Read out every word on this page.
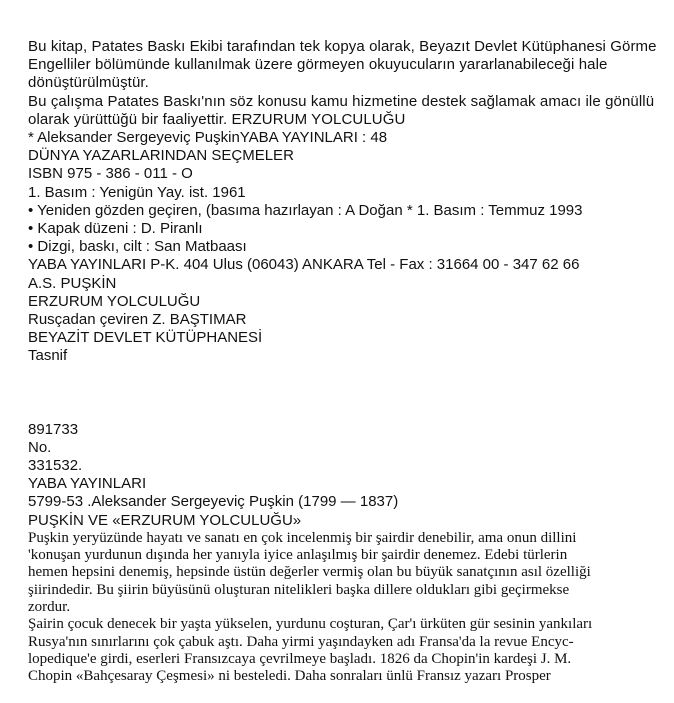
Bu kitap, Patates Baskı Ekibi tarafından tek kopya olarak, Beyazıt Devlet Kütüphanesi Görme
Engelliler bölümünde kullanılmak üzere görmeyen okuyucuların yararlanabileceği hale
dönüştürülmüştür.
Bu çalışma Patates Baskı'nın söz konusu kamu hizmetine destek sağlamak amacı ile gönüllü
olarak yürüttüğü bir faaliyettir. ERZURUM YOLCULUĞU
* Aleksander Sergeyeviç PuşkinYABA YAYINLARI : 48
DÜNYA YAZARLARINDAN SEÇMELER
ISBN 975 - 386 - 011 - O
1. Basım : Yenigün Yay. ist. 1961
• Yeniden gözden geçiren, (basıma hazırlayan : A Doğan * 1. Basım : Temmuz 1993
• Kapak düzeni : D. Piranlı
• Dizgi, baskı, cilt : San Matbaası
YABA YAYINLARI P-K. 404 Ulus (06043) ANKARA Tel - Fax : 31664 00 - 347 62 66
A.S. PUŞKİN
ERZURUM YOLCULUĞU
Rusçadan çeviren Z. BAŞTIMAR
BEYAZİT DEVLET KÜTÜPHANESİ
Tasnif
891733
No.
331532.
YABA YAYINLARI
5799-53 .Aleksander Sergeyeviç Puşkin (1799 — 1837)
PUŞKİN VE «ERZURUM YOLCULUĞU»
Puşkin yeryüzünde hayatı ve sanatı en çok incelenmiş bir şairdir denebilir, ama onun dillini
'konuşan yurdunun dışında her yanıyla iyice anlaşılmış bir şairdir denemez. Edebi türlerin
hemen hepsini denemiş, hepsinde üstün değerler vermiş olan bu büyük sanatçının asıl özelliği
şiirindedir. Bu şiirin büyüsünü oluşturan nitelikleri başka dillere oldukları gibi geçirmekse
zordur.
Şairin çocuk denecek bir yaşta yükselen, yurdunu coşturan, Çar'ı ürküten gür sesinin yankıları
Rusya'nın sınırlarını çok çabuk aştı. Daha yirmi yaşındayken adı Fransa'da la revue Encyc-
lopedique'e girdi, eserleri Fransızcaya çevrilmeye başladı. 1826 da Chopin'in kardeşi J. M.
Chopin «Bahçesaray Çeşmesi» ni besteledi. Daha sonraları ünlü Fransız yazarı Prosper
